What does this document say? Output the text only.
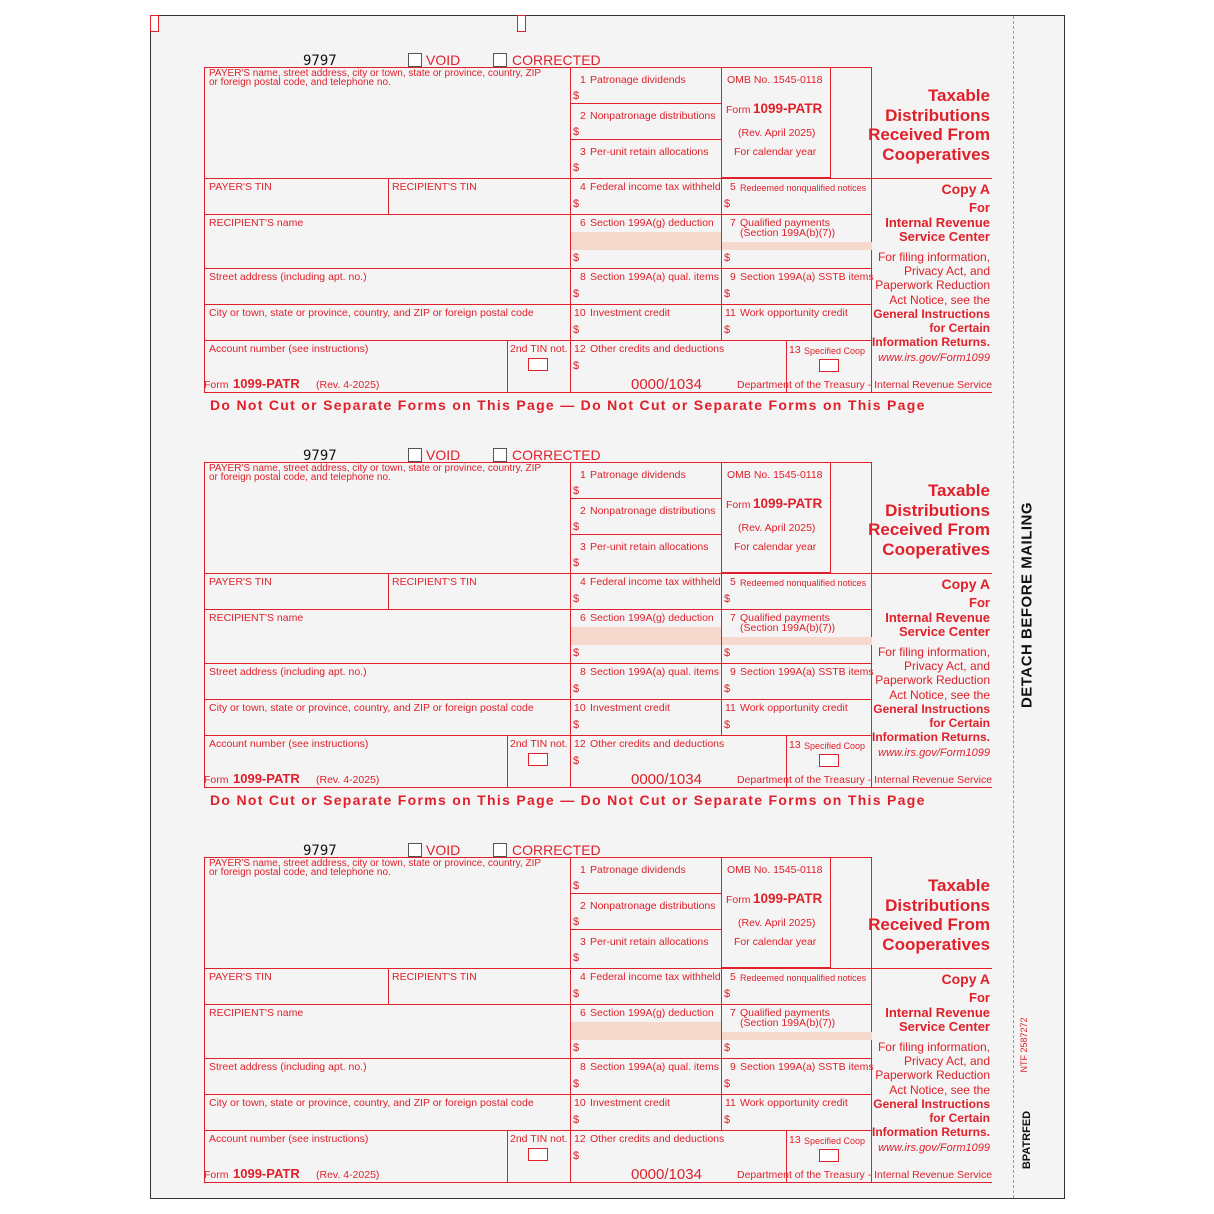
DETACH BEFORE MAILING
BPATRFED
NTF 2587272
9797	VOID	CORRECTED
PAYER'S name, street address, city or town, state or province, country, ZIP
or foreign postal code, and telephone no.
PAYER'S TIN	RECIPIENT'S TIN
RECIPIENT'S name
Street address (including apt. no.)
City or town, state or province, country, and ZIP or foreign postal code
Account number (see instructions)	2nd TIN not.
1 Patronage dividends
$
2 Nonpatronage distributions
$
3 Per-unit retain allocations
$
OMB No. 1545-0118
Form 1099-PATR
(Rev. April 2025)
For calendar year
Taxable
Distributions
Received From
Cooperatives
4 Federal income tax withheld
$
5 Redeemed nonqualified notices
$
6 Section 199A(g) deduction
$
7 Qualified payments
(Section 199A(b)(7))
$
8 Section 199A(a) qual. items
$
9 Section 199A(a) SSTB items
$
10 Investment credit
$
11 Work opportunity credit
$
12 Other credits and deductions
$
13 Specified Coop
Copy A
For
Internal Revenue
Service Center
For filing information,
Privacy Act, and
Paperwork Reduction
Act Notice, see the
General Instructions
for Certain
Information Returns.
www.irs.gov/Form1099
Form 1099-PATR (Rev. 4-2025)	0000/1034	Department of the Treasury - Internal Revenue Service
9797	VOID	CORRECTED
PAYER'S name, street address, city or town, state or province, country, ZIP
or foreign postal code, and telephone no.
PAYER'S TIN	RECIPIENT'S TIN
RECIPIENT'S name
Street address (including apt. no.)
City or town, state or province, country, and ZIP or foreign postal code
Account number (see instructions)	2nd TIN not.
1 Patronage dividends
$
2 Nonpatronage distributions
$
3 Per-unit retain allocations
$
OMB No. 1545-0118
Form 1099-PATR
(Rev. April 2025)
For calendar year
Taxable
Distributions
Received From
Cooperatives
4 Federal income tax withheld
$
5 Redeemed nonqualified notices
$
6 Section 199A(g) deduction
$
7 Qualified payments
(Section 199A(b)(7))
$
8 Section 199A(a) qual. items
$
9 Section 199A(a) SSTB items
$
10 Investment credit
$
11 Work opportunity credit
$
12 Other credits and deductions
$
13 Specified Coop
Copy A
For
Internal Revenue
Service Center
For filing information,
Privacy Act, and
Paperwork Reduction
Act Notice, see the
General Instructions
for Certain
Information Returns.
www.irs.gov/Form1099
Form 1099-PATR (Rev. 4-2025)	0000/1034	Department of the Treasury - Internal Revenue Service
9797	VOID	CORRECTED
PAYER'S name, street address, city or town, state or province, country, ZIP
or foreign postal code, and telephone no.
PAYER'S TIN	RECIPIENT'S TIN
RECIPIENT'S name
Street address (including apt. no.)
City or town, state or province, country, and ZIP or foreign postal code
Account number (see instructions)	2nd TIN not.
1 Patronage dividends
$
2 Nonpatronage distributions
$
3 Per-unit retain allocations
$
OMB No. 1545-0118
Form 1099-PATR
(Rev. April 2025)
For calendar year
Taxable
Distributions
Received From
Cooperatives
4 Federal income tax withheld
$
5 Redeemed nonqualified notices
$
6 Section 199A(g) deduction
$
7 Qualified payments
(Section 199A(b)(7))
$
8 Section 199A(a) qual. items
$
9 Section 199A(a) SSTB items
$
10 Investment credit
$
11 Work opportunity credit
$
12 Other credits and deductions
$
13 Specified Coop
Copy A
For
Internal Revenue
Service Center
For filing information,
Privacy Act, and
Paperwork Reduction
Act Notice, see the
General Instructions
for Certain
Information Returns.
www.irs.gov/Form1099
Form 1099-PATR (Rev. 4-2025)	0000/1034	Department of the Treasury - Internal Revenue Service
Do Not Cut or Separate Forms on This Page — Do Not Cut or Separate Forms on This Page
Do Not Cut or Separate Forms on This Page — Do Not Cut or Separate Forms on This Page
